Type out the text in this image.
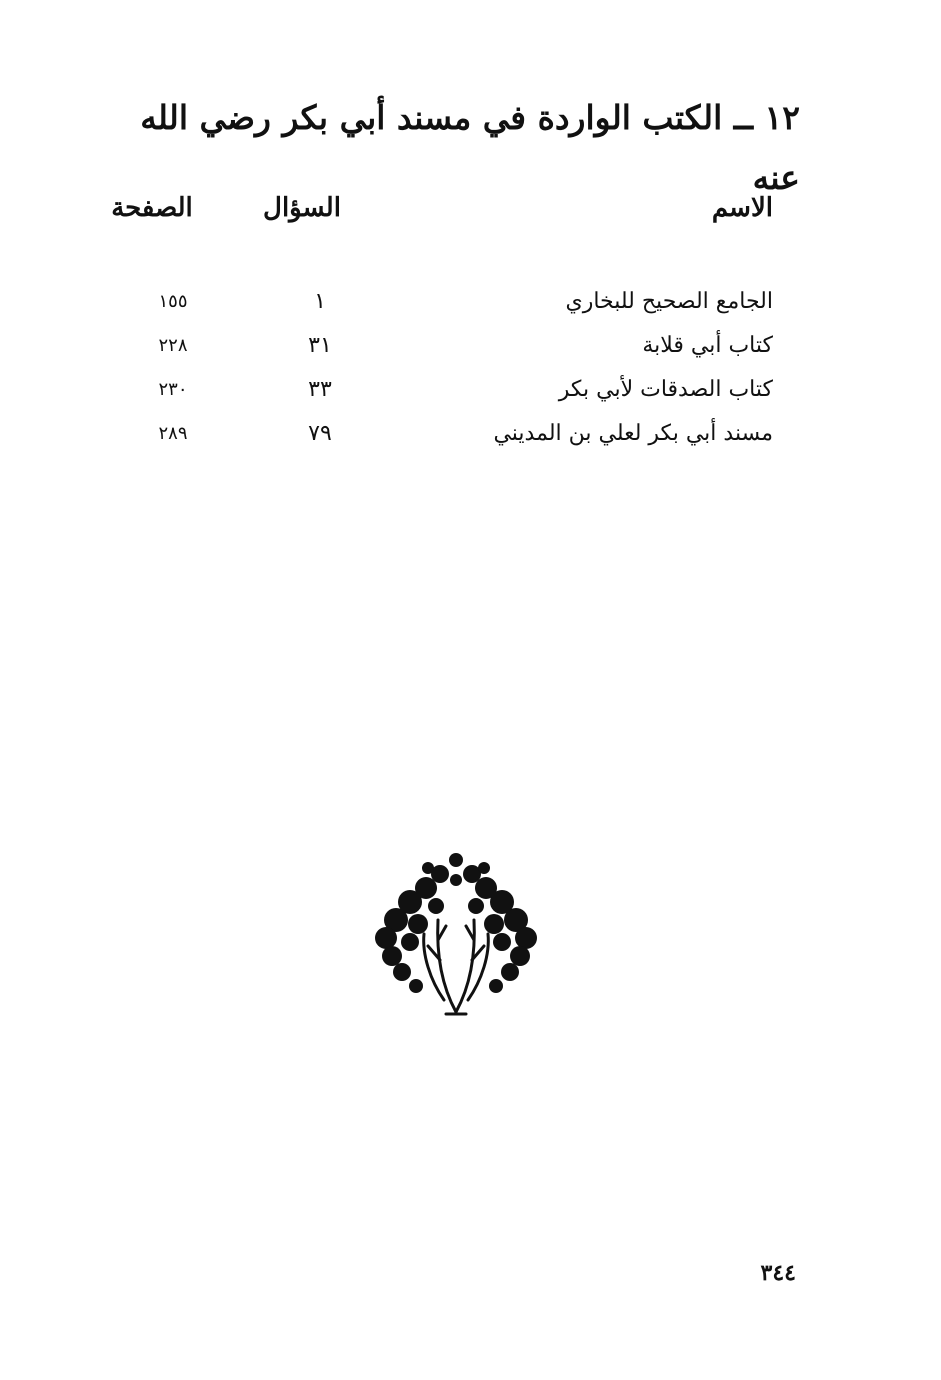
١٢ ــ الكتب الواردة في مسند أبي بكر رضي الله عنه
الاسم
السؤال
الصفحة
الجامع الصحيح للبخاري
١
١٥٥
كتاب أبي قلابة
٣١
٢٢٨
كتاب الصدقات لأبي بكر
٣٣
٢٣٠
مسند أبي بكر لعلي بن المديني
٧٩
٢٨٩
٣٤٤
